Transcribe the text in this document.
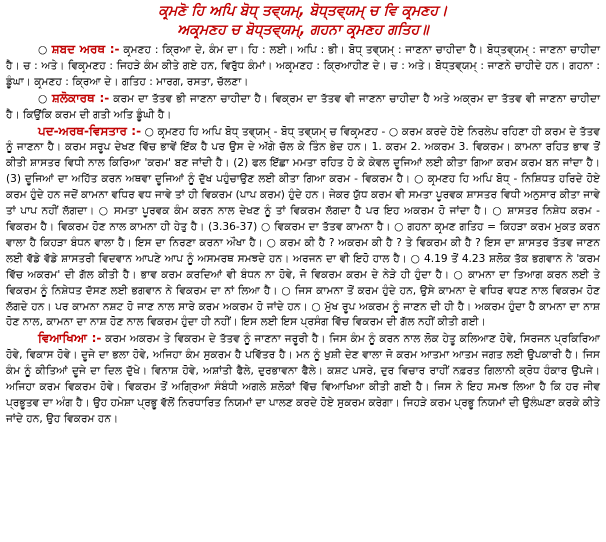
ਕਰ੍ਮਣੋ ਹਿ ਅਪਿ ਬੋਧ੍ ਤਵ੍ਯਮ੍, ਬੋਧ੍ਤਵ੍ਯਮ੍ ਚ ਵਿ ਕਰ੍ਮਣਹ।

ਅਕਰ੍ਮਣਹ ਚ ਬੋਧ੍ਤਵ੍ਯਮ੍, ਗਹਨਾ ਕਰ੍ਮਣਹ ਗਤਿਹ॥

○ ਸ਼ਬਦ ਅਰਥ :- ਕਰ੍ਮਣਹ : ਕ੍ਰਿਆ ਦੇ, ਕੰਮ ਦਾ। ਹਿ : ਲਈ। ਅਪਿ : ਭੀ। ਬੋਧ੍ ਤਵ੍ਯਮ੍ : ਜਾਣਨਾ ਚਾਹੀਦਾ ਹੈ। ਬੋਧ੍ਤਵ੍ਯਮ੍ : ਜਾਣਨਾ ਚਾਹੀਦਾ ਹੈ। ਚ : ਅਤੇ। ਵਿਕਰ੍ਮਣਹ : ਜਿਹੜੇ ਕੰਮ ਕੀਤੇ ਗਏ ਹਨ, ਵਿਰੁੱਧ ਕੰਮਾਂ। ਅਕਰ੍ਮਣਹ : ਕ੍ਰਿਆਹੀਣ ਦੇ। ਚ : ਅਤੇ। ਬੋਧ੍ਤਵ੍ਯਮ੍ : ਜਾਣਨੇ ਚਾਹੀਦੇ ਹਨ। ਗਹਨਾ : ਡੂੰਘਾ। ਕਰ੍ਮਣਹ : ਕ੍ਰਿਆ ਦੇ। ਗਤਿਹ : ਮਾਰਗ, ਰਸਤਾ, ਚੱਲਣਾ।

○ ਸ਼ਲੋਕਾਰਥ :- ਕਰਮ ਦਾ ਤੱਤਵ ਭੀ ਜਾਣਨਾ ਚਾਹੀਦਾ ਹੈ। ਵਿਕ੍ਰਮ ਦਾ ਤੱਤਵ ਵੀ ਜਾਣਨਾ ਚਾਹੀਦਾ ਹੈ ਅਤੇ ਅਕ੍ਰਮ ਦਾ ਤੱਤਵ ਵੀ ਜਾਣਨਾ ਚਾਹੀਦਾ ਹੈ। ਕਿਉਂਕਿ ਕਰਮ ਦੀ ਗਤੀ ਅਤਿ ਡੂੰਘੀ ਹੈ।

ਪਦ-ਅਰਥ-ਵਿਸਤਾਰ :- ○ ਕਰ੍ਮਣਹ ਹਿ ਅਪਿ ਬੋਧ੍ ਤਵ੍ਯਮ੍ - ਬੋਧ੍ ਤਵ੍ਯਮ੍ ਚ ਵਿਕਰ੍ਮਣਹ - ○ ਕਰਮ ਕਰਦੇ ਹੋਏ ਨਿਰਲੇਪ ਰਹਿਣਾ ਹੀ ਕਰਮ ਦੇ ਤੱਤਵ ਨੂੰ ਜਾਣਨਾ ਹੈ। ਕਰਮ ਸਰੂਪ ਦੇਖਣ ਵਿੱਚ ਭਾਵੇਂ ਇੱਕ ਹੈ ਪਰ ਉਸ ਦੇ ਅੱਗੇ ਚੱਲ ਕੇ ਤਿੰਨ ਭੇਦ ਹਨ। 1. ਕਰਮ 2. ਅਕਰਮ 3. ਵਿਕਰਮ। ਕਾਮਨਾ ਰਹਿਤ ਭਾਵ ਤੋਂ ਕੀਤੀ ਸ਼ਾਸਤਰ ਵਿਧੀ ਨਾਲ ਕਿਰਿਆ 'ਕਰਮ' ਬਣ ਜਾਂਦੀ ਹੈ। (2) ਫਲ ਇੱਛਾ ਮਮਤਾ ਰਹਿਤ ਹੋ ਕੇ ਕੇਵਲ ਦੂਜਿਆਂ ਲਈ ਕੀਤਾ ਗਿਆ ਕਰਮ ਕਰਮ ਬਨ ਜਾਂਦਾ ਹੈ। (3) ਦੂਜਿਆਂ ਦਾ ਅਹਿੱਤ ਕਰਨ ਅਥਵਾ ਦੂਜਿਆਂ ਨੂੰ ਦੁੱਖ ਪਹੁੰਚਾਉਣ ਲਈ ਕੀਤਾ ਗਿਆ ਕਰਮ - ਵਿਕਰਮ ਹੈ। ○ ਕਰ੍ਮਣਹ ਹਿ ਅਪਿ ਬੋਧ੍ - ਨਿਸ਼ਿਧਤ ਹਰਿਦੇ ਹੋਏ ਕਰਮ ਹੁੰਦੇ ਹਨ ਜਦੋਂ ਕਾਮਨਾ ਵਧਿਰ ਵਧ ਜਾਵੇ ਤਾਂ ਹੀ ਵਿਕਰਮ (ਪਾਪ ਕਰਮ) ਹੁੰਦੇ ਹਨ। ਜੇਕਰ ਯੁੱਧ ਕਰਮ ਵੀ ਸਮਤਾ ਪੂਰਵਕ ਸ਼ਾਸਤਰ ਵਿਧੀ ਅਨੁਸਾਰ ਕੀਤਾ ਜਾਵੇ ਤਾਂ ਪਾਪ ਨਹੀਂ ਲੱਗਦਾ। ○ ਸਮਤਾ ਪੂਰਵਕ ਕੰਮ ਕਰਨ ਨਾਲ ਦੇਖਣ ਨੂੰ ਤਾਂ ਵਿਕਰਮ ਲੱਗਦਾ ਹੈ ਪਰ ਇਹ ਅਕਰਮ ਹੋ ਜਾਂਦਾ ਹੈ। ○ ਸ਼ਾਸਤਰ ਨਿਸ਼ੇਧ ਕਰਮ - ਵਿਕਰਮ ਹੈ। ਵਿਕਰਮ ਹੋਣ ਨਾਲ ਕਾਮਨਾ ਹੀ ਹੇਤੁ ਹੈ। (3.36-37) ○ ਵਿਕਰਮ ਦਾ ਤੱਤਵ ਕਾਮਨਾ ਹੈ। ○ ਗਹਨਾ ਕਰ੍ਮਣ ਗਤਿਹ = ਕਿਹੜਾ ਕਰਮ ਮੁਕਤ ਕਰਨ ਵਾਲਾ ਹੈ ਕਿਹੜਾ ਬੰਧਨ ਵਾਲਾ ਹੈ। ਇਸ ਦਾ ਨਿਰਣਾ ਕਰਨਾ ਔਖਾ ਹੈ। ○ ਕਰਮ ਕੀ ਹੈ ? ਅਕਰਮ ਕੀ ਹੈ ? ਤੇ ਵਿਕਰਮ ਕੀ ਹੈ ? ਇਸ ਦਾ ਸ਼ਾਸਤਰ ਤੱਤਵ ਜਾਣਨ ਲਈ ਵੱਡੇ ਵੱਡੇ ਸ਼ਾਸਤਰੀ ਵਿਦਵਾਨ ਆਪਣੇ ਆਪ ਨੂੰ ਅਸਮਰਥ ਸਮਝਦੇ ਹਨ। ਅਰਜਨ ਦਾ ਵੀ ਇਹੋ ਹਾਲ ਹੈ। ○ 4.19 ਤੋਂ 4.23 ਸ਼ਲੋਕ ਤੱਕ ਭਗਵਾਨ ਨੇ 'ਕਰਮ ਵਿੱਚ ਅਕਰਮ' ਦੀ ਗੱਲ ਕੀਤੀ ਹੈ। ਭਾਵ ਕਰਮ ਕਰਦਿਆਂ ਵੀ ਬੰਧਨ ਨਾ ਹੋਵੇ, ਜੋ ਵਿਕਰਮ ਕਰਮ ਦੇ ਨੇੜੇ ਹੀ ਹੁੰਦਾ ਹੈ। ○ ਕਾਮਨਾ ਦਾ ਤਿਆਗ ਕਰਨ ਲਈ ਤੇ ਵਿਕਰਮ ਨੂੰ ਨਿਸ਼ੇਧਤ ਦੱਸਣ ਲਈ ਭਗਵਾਨ ਨੇ ਵਿਕਰਮ ਦਾ ਨਾਂ ਲਿਆ ਹੈ। ○ ਜਿਸ ਕਾਮਨਾ ਤੋਂ ਕਰਮ ਹੁੰਦੇ ਹਨ, ਉਸੇ ਕਾਮਨਾ ਦੇ ਵਧਿਰ ਵਧਣ ਨਾਲ ਵਿਕਰਮ ਹੋਣ ਲੱਗਦੇ ਹਨ। ਪਰ ਕਾਮਨਾ ਨਸ਼ਟ ਹੋ ਜਾਣ ਨਾਲ ਸਾਰੇ ਕਰਮ ਅਕਰਮ ਹੋ ਜਾਂਦੇ ਹਨ। ○ ਮੁੱਖ ਰੂਪ ਅਕਰਮ ਨੂੰ ਜਾਣਨ ਦੀ ਹੀ ਹੈ। ਅਕਰਮ ਹੁੰਦਾ ਹੈ ਕਾਮਨਾ ਦਾ ਨਾਸ਼ ਹੋਣ ਨਾਲ, ਕਾਮਨਾ ਦਾ ਨਾਸ਼ ਹੋਣ ਨਾਲ ਵਿਕਰਮ ਹੁੰਦਾ ਹੀ ਨਹੀਂ। ਇਸ ਲਈ ਇਸ ਪ੍ਰਸੰਗ ਵਿੱਚ ਵਿਕਰਮ ਦੀ ਗੱਲ ਨਹੀਂ ਕੀਤੀ ਗਈ।

ਵਿਆਖਿਆ :- ਕਰਮ ਅਕਰਮ ਤੇ ਵਿਕਰਮ ਦੇ ਤੱਤਵ ਨੂੰ ਜਾਣਨਾ ਜਰੂਰੀ ਹੈ। ਜਿਸ ਕੰਮ ਨੂੰ ਕਰਨ ਨਾਲ ਲੋਕ ਹੇਤੂ ਕਲਿਆਣ ਹੋਵੇ, ਸਿਰਜਨ ਪ੍ਰਕਿਰਿਆ ਹੋਵੇ, ਵਿਕਾਸ ਹੋਵੇ। ਦੂਜੇ ਦਾ ਭਲਾ ਹੋਵੇ, ਅਜਿਹਾ ਕੰਮ ਸੁਕਰਮ ਹੈ ਪਵਿੱਤਰ ਹੈ। ਮਨ ਨੂੰ ਖੁਸ਼ੀ ਦੇਣ ਵਾਲਾ ਜੋ ਕਰਮ ਆਤਮਾ ਆਤਮ ਜਗਤ ਲਈ ਉਪਕਾਰੀ ਹੈ। ਜਿਸ ਕੰਮ ਨੂੰ ਕੀਤਿਆਂ ਦੂਜੇ ਦਾ ਦਿਲ ਦੁੱਖੇ। ਵਿਨਾਸ਼ ਹੋਵੇ, ਅਸ਼ਾਂਤੀ ਫੈਲੇ, ਦੁਰਭਾਵਨਾ ਫੈਲੇ। ਕਸ਼ਟ ਪਸਰੇ, ਦੁਰ ਵਿਚਾਰ ਰਾਹੀਂ ਨਫ਼ਰਤ ਗਿਲਾਨੀ ਕ੍ਰੋਧ ਹੰਕਾਰ ਉਪਜੇ। ਅਜਿਹਾ ਕਰਮ ਵਿਕਰਮ ਹੋਵੇ। ਵਿਕਰਮ ਤੋਂ ਅਗ੍ਰਿਆ ਸੰਬੰਧੀ ਅਗਲੇ ਸ਼ਲੋਕਾਂ ਵਿੱਚ ਵਿਆਖਿਆ ਕੀਤੀ ਗਈ ਹੈ। ਜਿਸ ਨੇ ਇਹ ਸਮਝ ਲਿਆ ਹੈ ਕਿ ਹਰ ਜੀਵ ਪ੍ਰਭੂਤਵ ਦਾ ਅੰਗ ਹੈ। ਉਹ ਹਮੇਸ਼ਾ ਪ੍ਰਭੂ ਵੱਲੋਂ ਨਿਰਧਾਰਿਤ ਨਿਯਮਾਂ ਦਾ ਪਾਲਣ ਕਰਦੇ ਹੋਏ ਸੁਕਰਮ ਕਰੇਗਾ। ਜਿਹੜੇ ਕਰਮ ਪ੍ਰਭੂ ਨਿਯਮਾਂ ਦੀ ਉਲੰਘਣਾ ਕਰਕੇ ਕੀਤੇ ਜਾਂਦੇ ਹਨ, ਉਹ ਵਿਕਰਮ ਹਨ।
